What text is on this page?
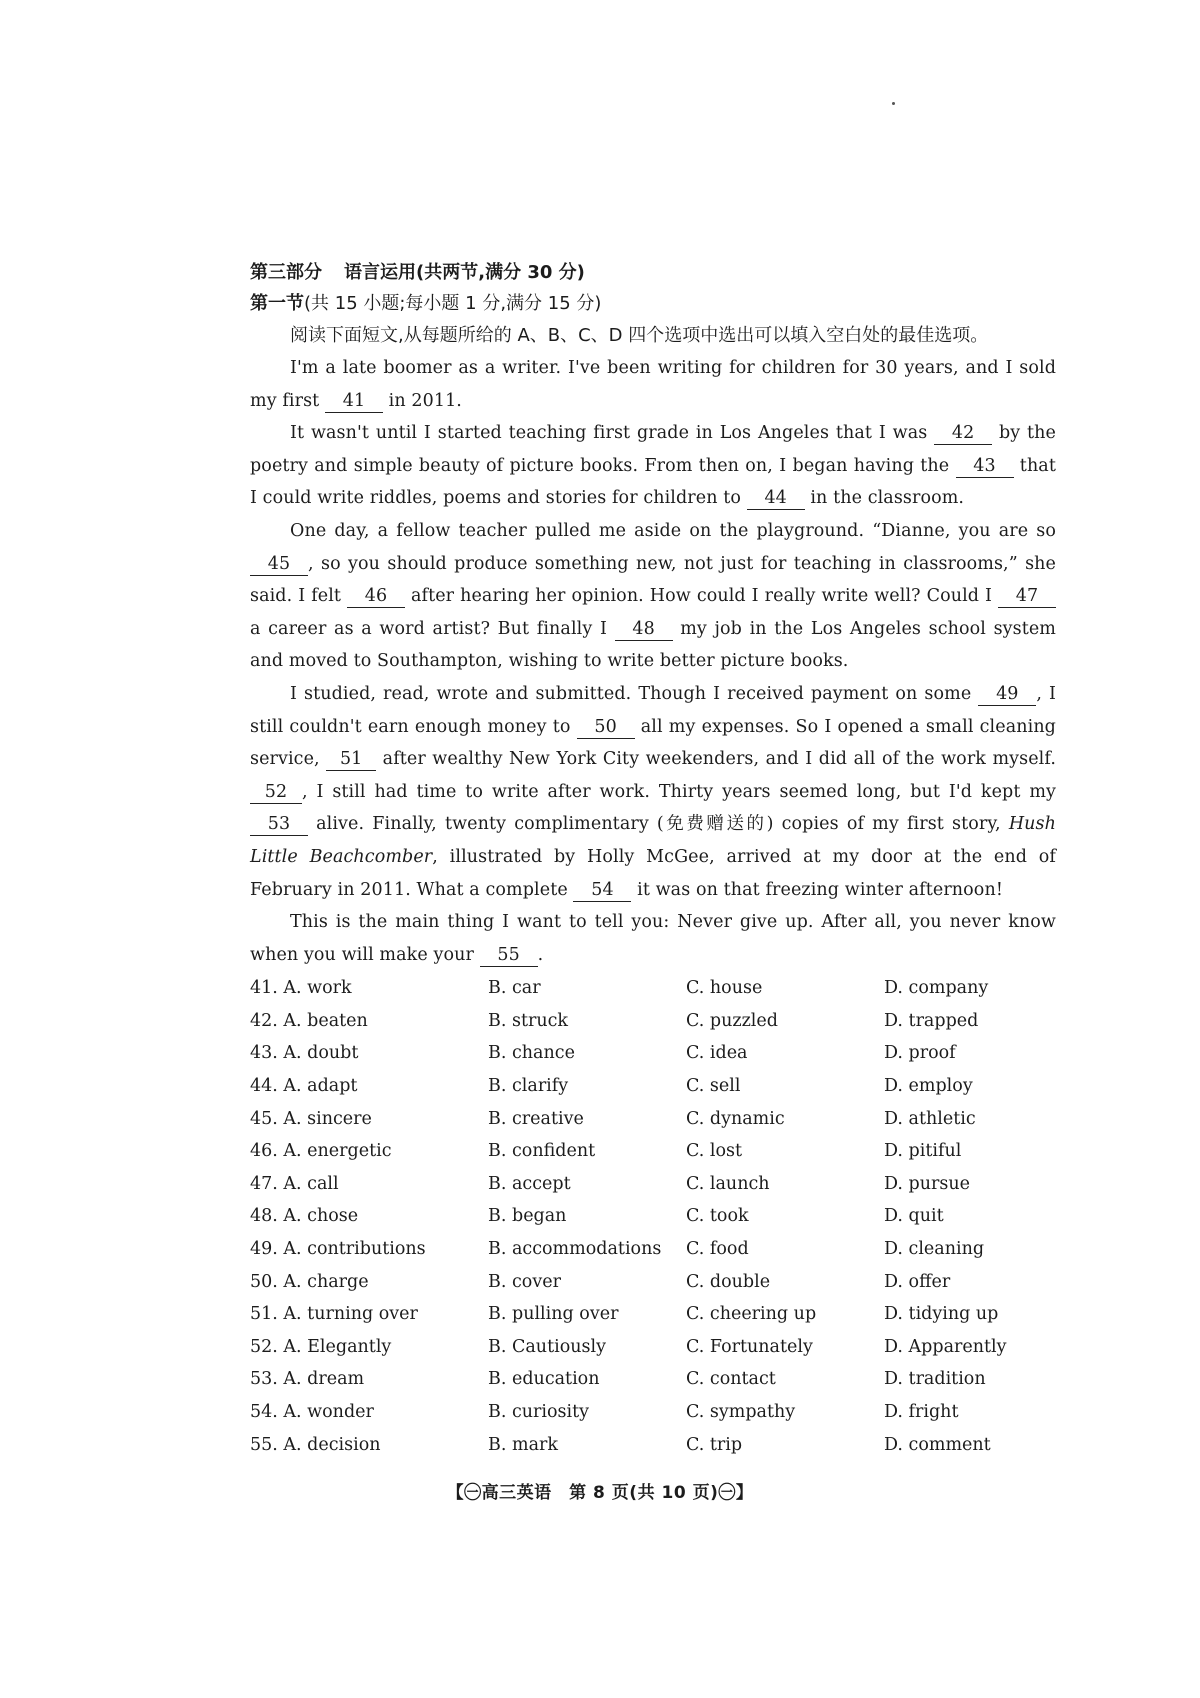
第三部分 语言运用(共两节,满分 30 分)
第一节(共 15 小题;每小题 1 分,满分 15 分)

阅读下面短文,从每题所给的 A、B、C、D 四个选项中选出可以填入空白处的最佳选项。

I'm a late boomer as a writer. I've been writing for children for 30 years, and I sold my first 41 in 2011.

It wasn't until I started teaching first grade in Los Angeles that I was 42 by the poetry and simple beauty of picture books. From then on, I began having the 43 that I could write riddles, poems and stories for children to 44 in the classroom.

One day, a fellow teacher pulled me aside on the playground. “Dianne, you are so 45 , so you should produce something new, not just for teaching in classrooms,” she said. I felt 46 after hearing her opinion. How could I really write well? Could I 47 a career as a word artist? But finally I 48 my job in the Los Angeles school system and moved to Southampton, wishing to write better picture books.

I studied, read, wrote and submitted. Though I received payment on some 49 , I still couldn't earn enough money to 50 all my expenses. So I opened a small cleaning service, 51 after wealthy New York City weekenders, and I did all of the work myself. 52 , I still had time to write after work. Thirty years seemed long, but I'd kept my 53 alive. Finally, twenty complimentary (免费赠送的) copies of my first story, Hush Little Beachcomber, illustrated by Holly McGee, arrived at my door at the end of February in 2011. What a complete 54 it was on that freezing winter afternoon!

This is the main thing I want to tell you: Never give up. After all, you never know when you will make your 55 .

41. A. work	B. car	C. house	D. company
42. A. beaten	B. struck	C. puzzled	D. trapped
43. A. doubt	B. chance	C. idea	D. proof
44. A. adapt	B. clarify	C. sell	D. employ
45. A. sincere	B. creative	C. dynamic	D. athletic
46. A. energetic	B. confident	C. lost	D. pitiful
47. A. call	B. accept	C. launch	D. pursue
48. A. chose	B. began	C. took	D. quit
49. A. contributions	B. accommodations	C. food	D. cleaning
50. A. charge	B. cover	C. double	D. offer
51. A. turning over	B. pulling over	C. cheering up	D. tidying up
52. A. Elegantly	B. Cautiously	C. Fortunately	D. Apparently
53. A. dream	B. education	C. contact	D. tradition
54. A. wonder	B. curiosity	C. sympathy	D. fright
55. A. decision	B. mark	C. trip	D. comment
【㊀高三英语　第 8 页(共 10 页)㊀】
